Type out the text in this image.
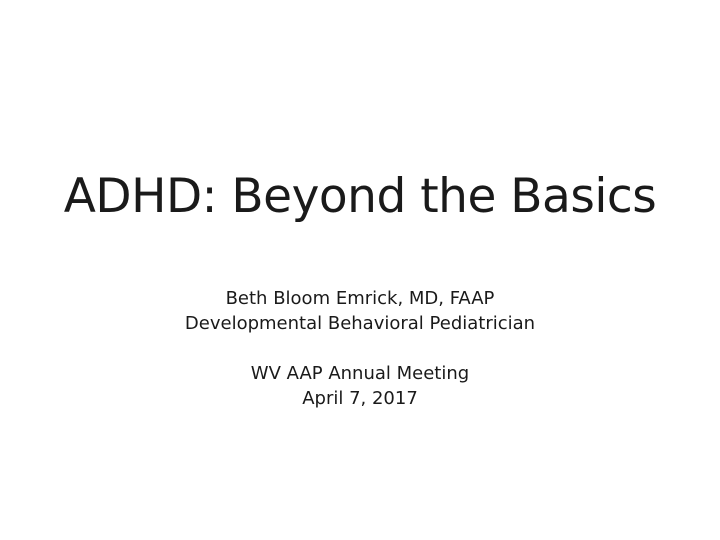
ADHD: Beyond the Basics
Beth Bloom Emrick, MD, FAAP
Developmental Behavioral Pediatrician
WV AAP Annual Meeting
April 7, 2017
